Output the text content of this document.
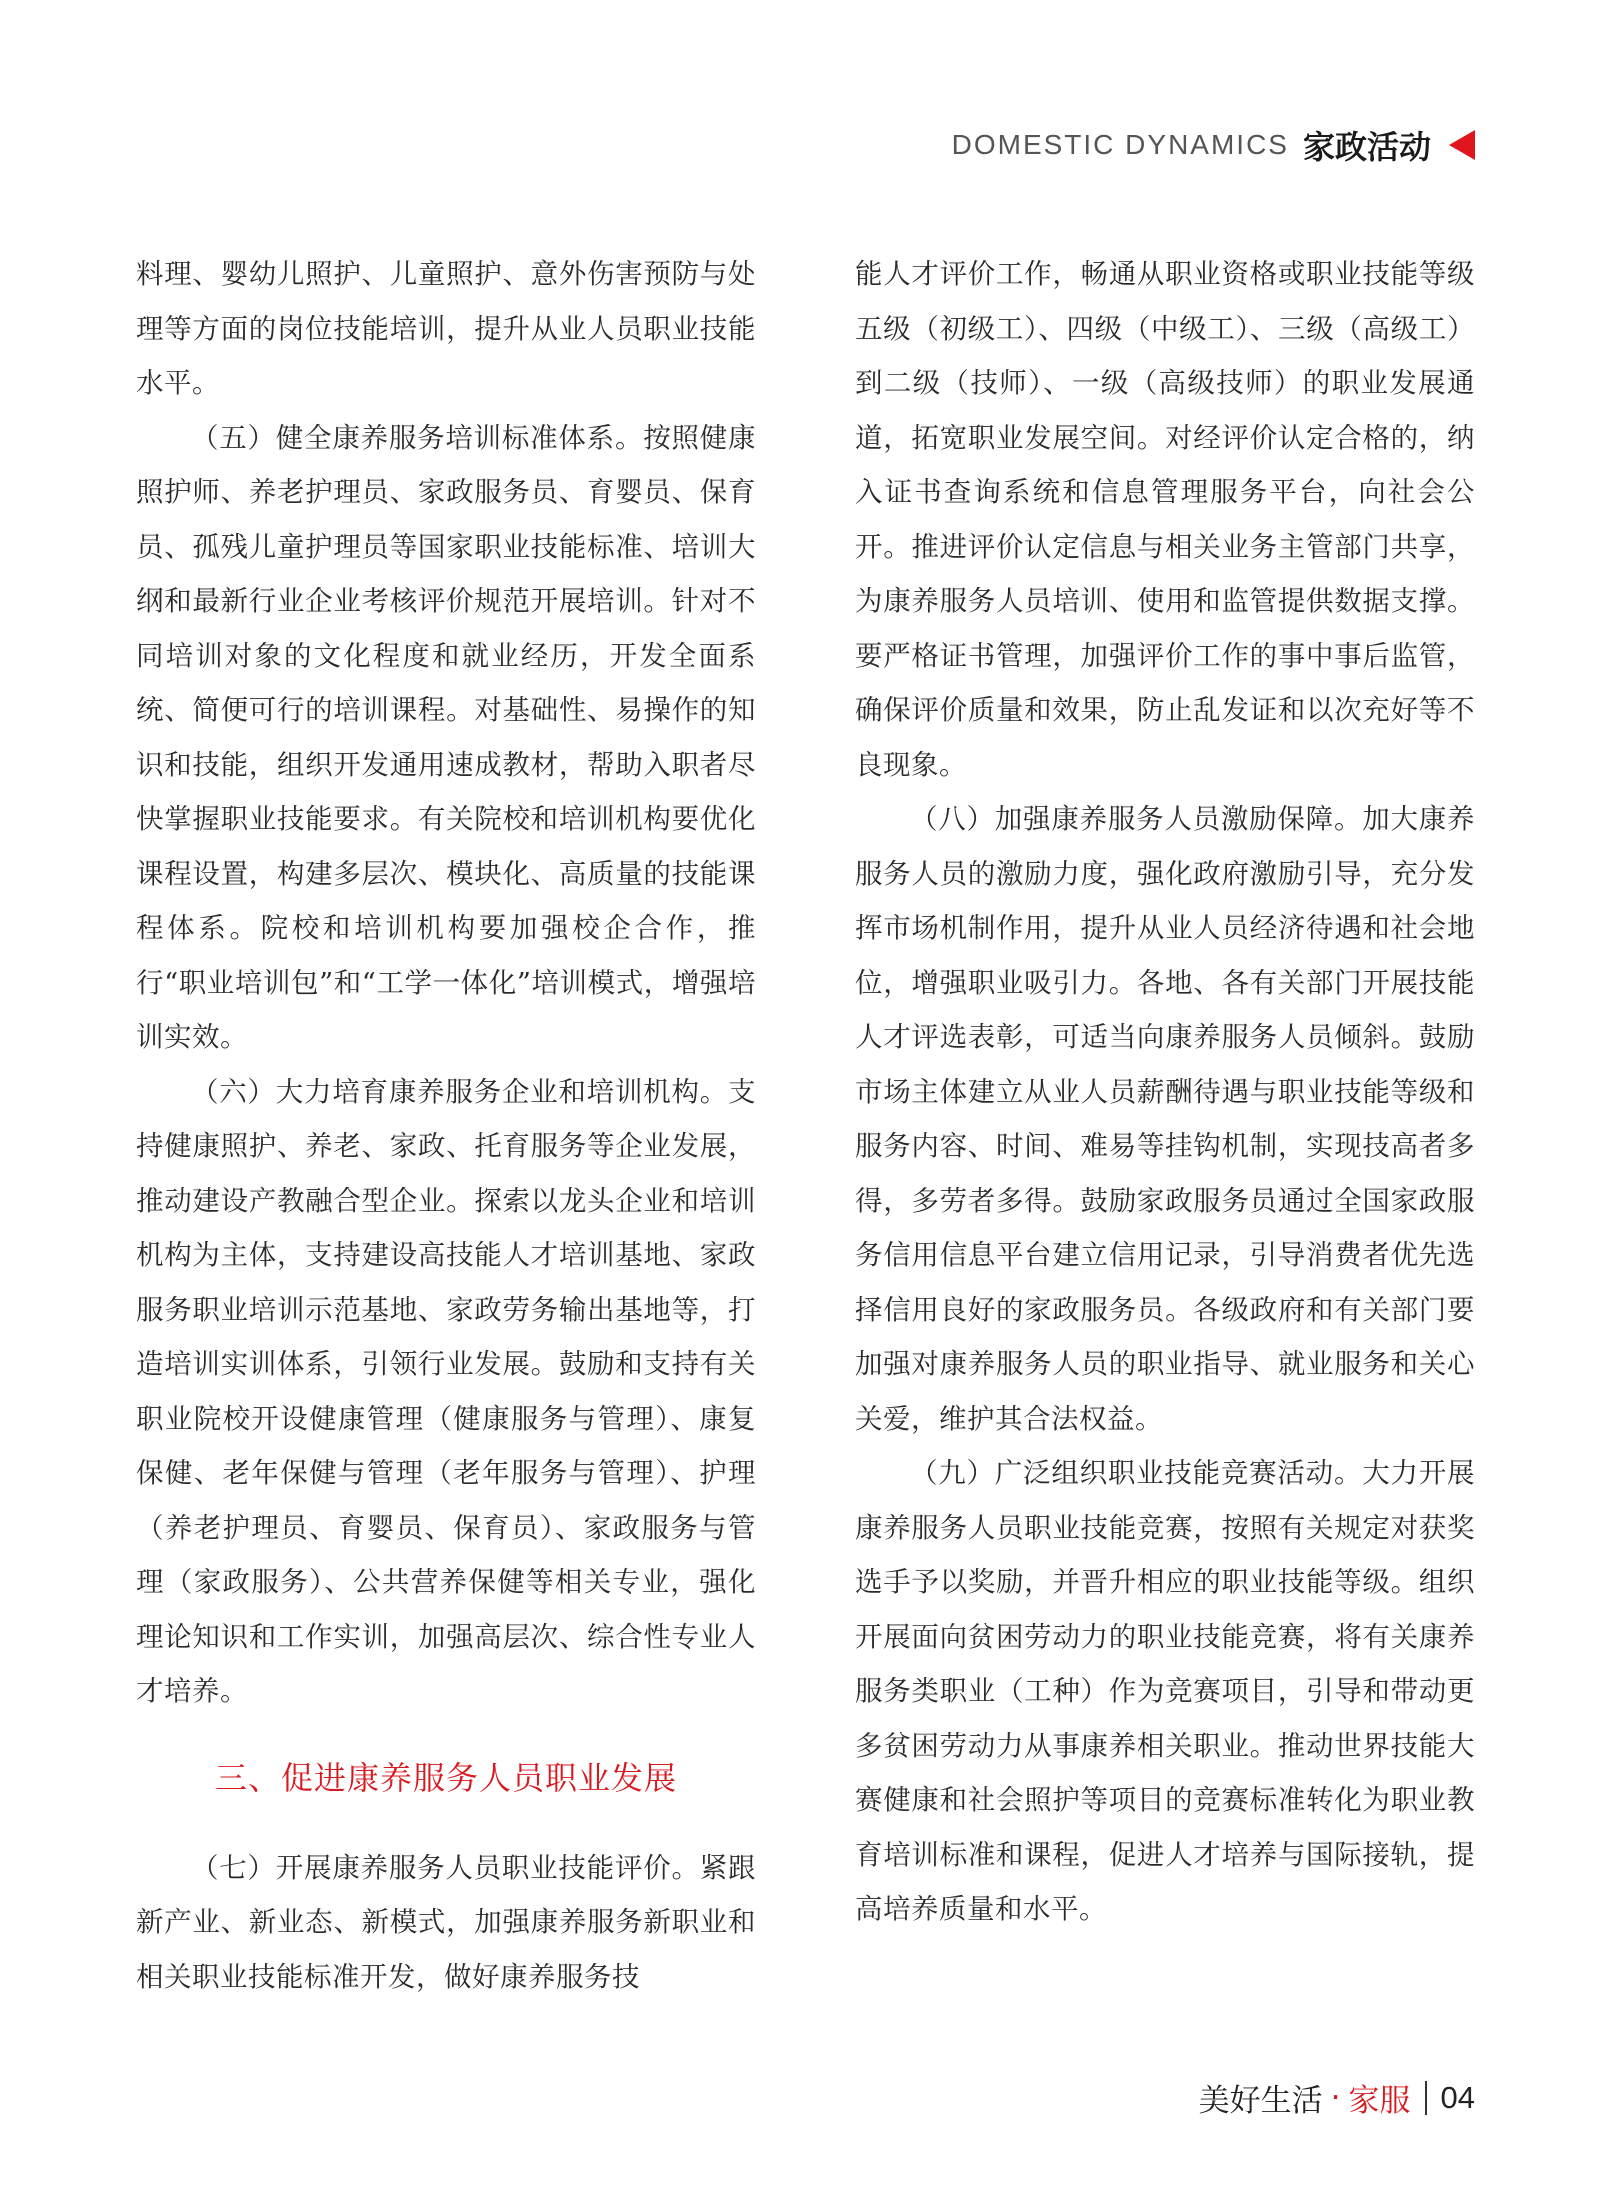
DOMESTIC DYNAMICS 家政活动

料理、婴幼儿照护、儿童照护、意外伤害预防与处理等方面的岗位技能培训，提升从业人员职业技能水平。

（五）健全康养服务培训标准体系。按照健康照护师、养老护理员、家政服务员、育婴员、保育员、孤残儿童护理员等国家职业技能标准、培训大纲和最新行业企业考核评价规范开展培训。针对不同培训对象的文化程度和就业经历，开发全面系统、简便可行的培训课程。对基础性、易操作的知识和技能，组织开发通用速成教材，帮助入职者尽快掌握职业技能要求。有关院校和培训机构要优化课程设置，构建多层次、模块化、高质量的技能课程体系。院校和培训机构要加强校企合作，推行“职业培训包”和“工学一体化”培训模式，增强培训实效。

（六）大力培育康养服务企业和培训机构。支持健康照护、养老、家政、托育服务等企业发展，推动建设产教融合型企业。探索以龙头企业和培训机构为主体，支持建设高技能人才培训基地、家政服务职业培训示范基地、家政劳务输出基地等，打造培训实训体系，引领行业发展。鼓励和支持有关职业院校开设健康管理（健康服务与管理）、康复保健、老年保健与管理（老年服务与管理）、护理（养老护理员、育婴员、保育员）、家政服务与管理（家政服务）、公共营养保健等相关专业，强化理论知识和工作实训，加强高层次、综合性专业人才培养。

三、促进康养服务人员职业发展

（七）开展康养服务人员职业技能评价。紧跟新产业、新业态、新模式，加强康养服务新职业和相关职业技能标准开发，做好康养服务技

能人才评价工作，畅通从职业资格或职业技能等级五级（初级工）、四级（中级工）、三级（高级工）到二级（技师）、一级（高级技师）的职业发展通道，拓宽职业发展空间。对经评价认定合格的，纳入证书查询系统和信息管理服务平台，向社会公开。推进评价认定信息与相关业务主管部门共享，为康养服务人员培训、使用和监管提供数据支撑。要严格证书管理，加强评价工作的事中事后监管，确保评价质量和效果，防止乱发证和以次充好等不良现象。

（八）加强康养服务人员激励保障。加大康养服务人员的激励力度，强化政府激励引导，充分发挥市场机制作用，提升从业人员经济待遇和社会地位，增强职业吸引力。各地、各有关部门开展技能人才评选表彰，可适当向康养服务人员倾斜。鼓励市场主体建立从业人员薪酬待遇与职业技能等级和服务内容、时间、难易等挂钩机制，实现技高者多得，多劳者多得。鼓励家政服务员通过全国家政服务信用信息平台建立信用记录，引导消费者优先选择信用良好的家政服务员。各级政府和有关部门要加强对康养服务人员的职业指导、就业服务和关心关爱，维护其合法权益。

（九）广泛组织职业技能竞赛活动。大力开展康养服务人员职业技能竞赛，按照有关规定对获奖选手予以奖励，并晋升相应的职业技能等级。组织开展面向贫困劳动力的职业技能竞赛，将有关康养服务类职业（工种）作为竞赛项目，引导和带动更多贫困劳动力从事康养相关职业。推动世界技能大赛健康和社会照护等项目的竞赛标准转化为职业教育培训标准和课程，促进人才培养与国际接轨，提高培养质量和水平。

美好生活 · 家服 04
